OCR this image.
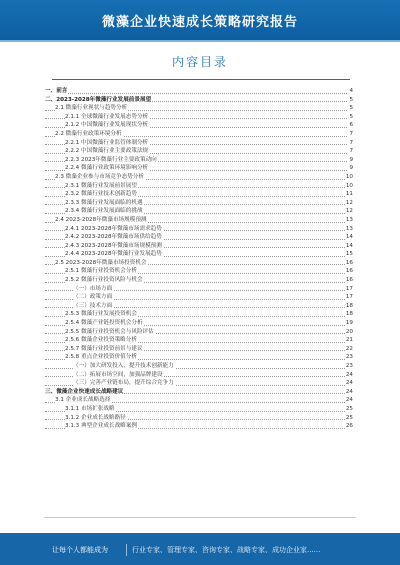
微藻企业快速成长策略研究报告
内容目录
一、前言	4
二、2023-2028年微藻行业发展前景展望	5
2.1 微藻行业现状与趋势分析	5
2.1.1 全球微藻行业发展态势分析	5
2.1.2 中国微藻行业发展现状分析	6
2.2 微藻行业政策环境分析	7
2.2.1 中国微藻行业监管体制分析	7
2.2.2 中国微藻行业主要政策法规	7
2.2.3 2023年微藻行业主要政策动向	9
2.2.4 微藻行业政策环境影响分析	9
2.3 微藻企业参与市场竞争态势分析	10
2.3.1 微藻行业发展前景展望	10
2.3.2 微藻行业技术创新趋势	11
2.3.3 微藻行业发展面临的机遇	12
2.3.4 微藻行业发展面临的挑战	12
2.4 2023-2028年微藻市场规模预测	13
2.4.1 2023-2028年微藻市场需求趋势	13
2.4.2 2023-2028年微藻市场供给趋势	14
2.4.3 2023-2028年微藻市场规模预测	14
2.4.4 2023-2028年微藻行业发展趋势	15
2.5 2023-2028年微藻市场投资机会	16
2.5.1 微藻行业投资机会分析	16
2.5.2 微藻行业投资风险与机会	16
（一）市场方面	17
（二）政策方面	17
（三）技术方面	18
2.5.3 微藻行业发展投资机会	18
2.5.4 微藻产业链投资机会分析	19
2.5.5 微藻行业投资机会与风险评估	20
2.5.6 微藻企业投资策略分析	21
2.5.7 微藻行业投资前景与建议	22
2.5.8 重点企业投资价值分析	23
（一）加大研发投入，提升技术创新能力	23
（二）拓展市场空间，加强品牌建设	24
（三）完善产业链布局，提升综合竞争力	24
三、微藻企业快速成长战略建议	24
3.1 企业成长战略选择	24
3.1.1 市场扩张战略	25
3.1.2 企业成长战略路径	25
3.1.3 典型企业成长战略案例	26
让每个人都能成为	行业专家、管理专家、咨询专家、战略专家、成功企业家......
